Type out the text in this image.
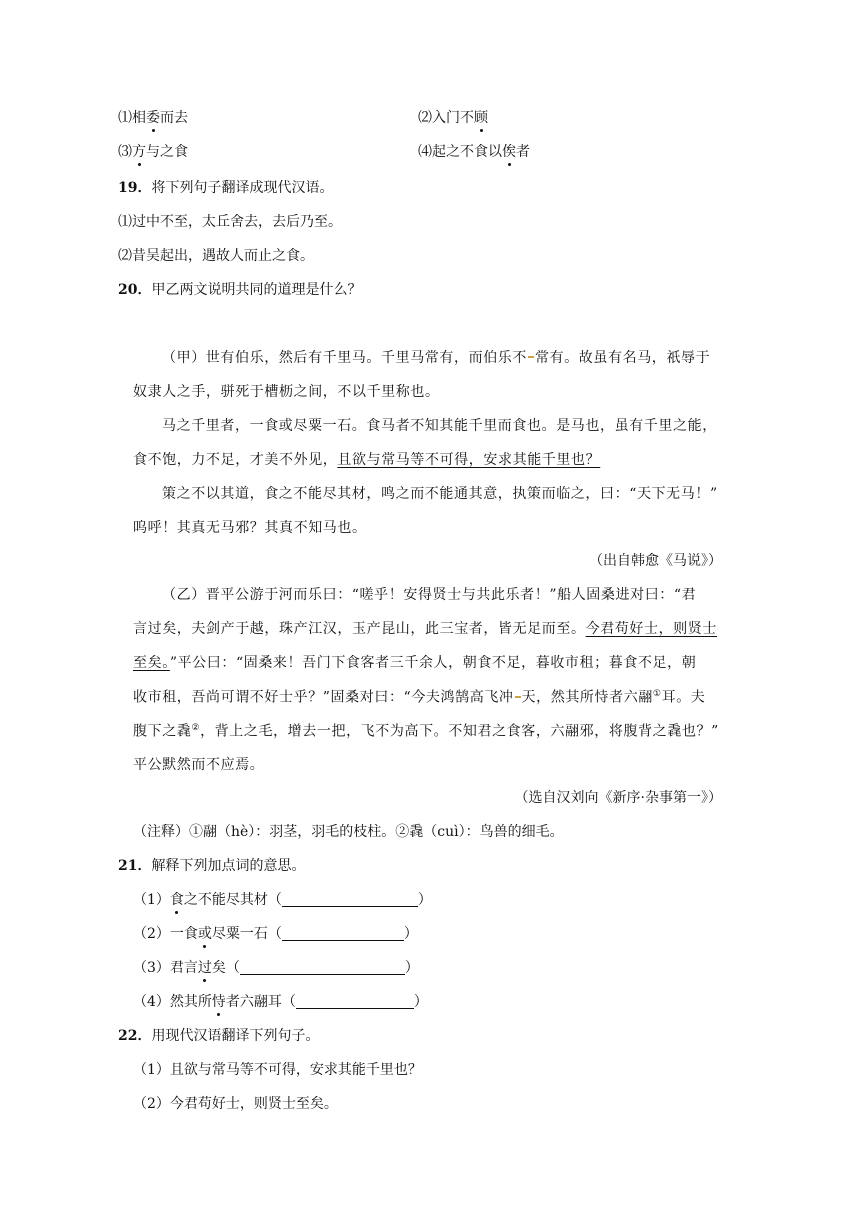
⑴相委而去	⑵入门不顾
⑶方与之食	⑷起之不食以俟者
19．将下列句子翻译成现代汉语。
⑴过中不至，太丘舍去，去后乃至。
⑵昔吴起出，遇故人而止之食。
20．甲乙两文说明共同的道理是什么？
（甲）世有伯乐，然后有千里马。千里马常有，而伯乐不 常有。故虽有名马，祇辱于
奴隶人之手，骈死于槽枥之间，不以千里称也。
马之千里者，一食或尽粟一石。食马者不知其能千里而食也。是马也，虽有千里之能，
食不饱，力不足，才美不外见，且欲与常马等不可得，安求其能千里也？
策之不以其道，食之不能尽其材，鸣之而不能通其意，执策而临之，曰：“天下无马！”
呜呼！其真无马邪？其真不知马也。
（出自韩愈《马说》）
（乙）晋平公游于河而乐曰：“嗟乎！安得贤士与共此乐者！”船人固桑进对曰：“君
言过矣，夫剑产于越，珠产江汉，玉产昆山，此三宝者，皆无足而至。今君苟好士，则贤士
至矣。”平公曰：“固桑来！吾门下食客者三千余人，朝食不足，暮收市租；暮食不足，朝
收市租，吾尚可谓不好士乎？”固桑对曰：“今夫鸿鹄高飞冲 天，然其所恃者六翮①耳。夫
腹下之毳②，背上之毛，增去一把，飞不为高下。不知君之食客，六翮邪，将腹背之毳也？”
平公默然而不应焉。
（选自汉刘向《新序·杂事第一》）
（注释）①翮（hè）：羽茎，羽毛的枝柱。②毳（cuì）：鸟兽的细毛。
21．解释下列加点词的意思。
（1）食之不能尽其材（	）
（2）一食或尽粟一石（	）
（3）君言过矣（	）
（4）然其所恃者六翮耳（	）
22．用现代汉语翻译下列句子。
（1）且欲与常马等不可得，安求其能千里也？
（2）今君苟好士，则贤士至矣。
